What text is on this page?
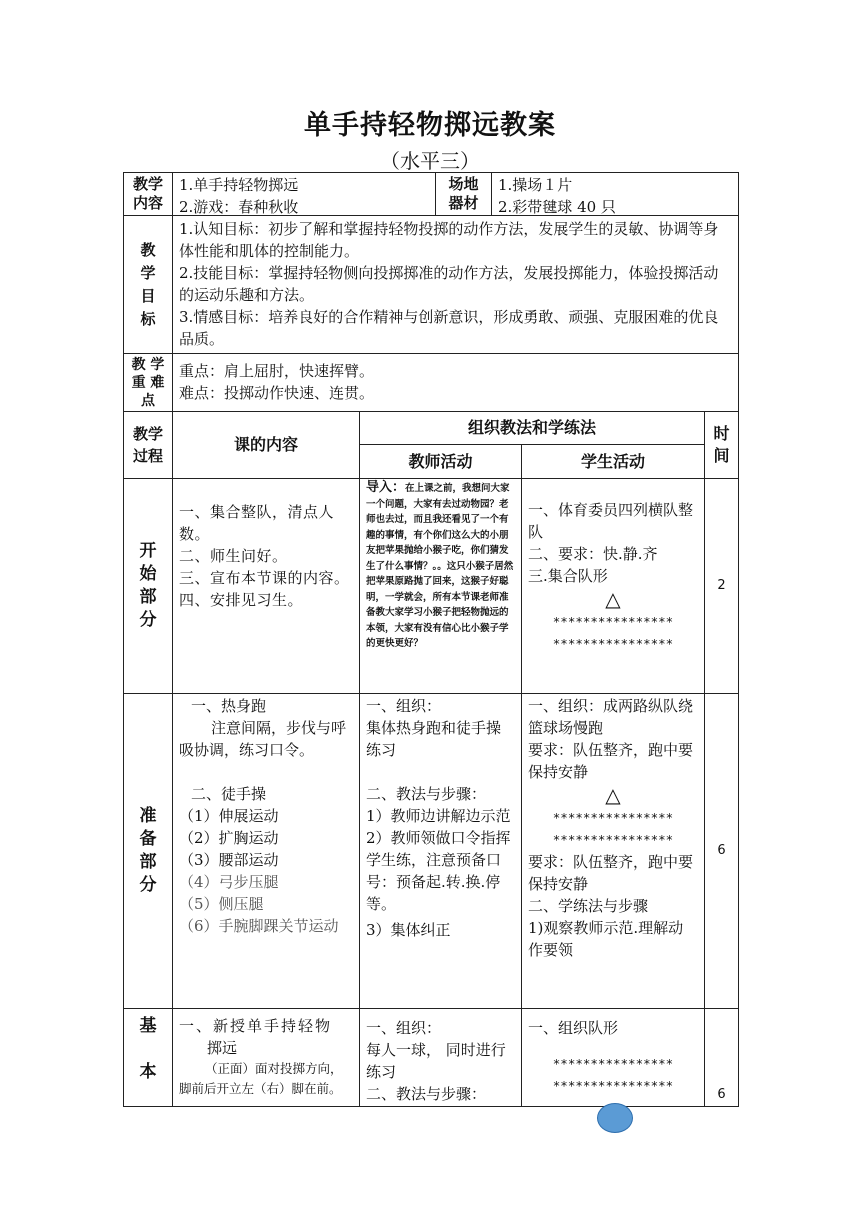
单手持轻物掷远教案
（水平三）
教学
内容
1.单手持轻物掷远
2.游戏：春种秋收
场地
器材
1.操场１片
2.彩带毽球 40 只
教
学
目
标
1.认知目标：初步了解和掌握持轻物投掷的动作方法，发展学生的灵敏、协调等身体性能和肌体的控制能力。
2.技能目标：掌握持轻物侧向投掷掷准的动作方法，发展投掷能力，体验投掷活动的运动乐趣和方法。
3.情感目标：培养良好的合作精神与创新意识，形成勇敢、顽强、克服困难的优良品质。
教 学
重 难
点
重点：肩上屈肘，快速挥臂。
难点：投掷动作快速、连贯。
教学
过程
课的内容
组织教法和学练法
教师活动	学生活动
时
间
开
始
部
分
一、集合整队，清点人数。
二、师生问好。
三、宣布本节课的内容。
四、安排见习生。
导入：在上课之前，我想问大家一个问题，大家有去过动物园？老师也去过，而且我还看见了一个有趣的事情，有个你们这么大的小朋友把苹果抛给小猴子吃，你们猜发生了什么事情？。。这只小猴子居然把苹果原路抛了回来，这猴子好聪明，一学就会，所有本节课老师准备教大家学习小猴子把轻物抛远的本领，大家有没有信心比小猴子学的更快更好？
一、体育委员四列横队整队
二、要求：快.静.齐
三.集合队形
△
****************
****************
2
准
备
部
分
一、热身跑
注意间隔，步伐与呼吸协调，练习口令。

二、徒手操
（1）伸展运动
（2）扩胸运动
（3）腰部运动
（4）弓步压腿
（5）侧压腿
（6）手腕脚踝关节运动
一、组织：
集体热身跑和徒手操练习

二、教法与步骤：
1）教师边讲解边示范
2）教师领做口令指挥学生练，注意预备口号：预备起.转.换.停等。
3）集体纠正
一、组织：成两路纵队绕篮球场慢跑
要求：队伍整齐，跑中要保持安静
△
****************
****************
要求：队伍整齐，跑中要保持安静
二、学练法与步骤
1)观察教师示范.理解动作要领
6
基

本
一、新授单手持轻物
掷远
（正面）面对投掷方向，脚前后开立左（右）脚在前。
一、组织：
每人一球， 同时进行练习
二、教法与步骤：
一、组织队形
****************
****************
6
